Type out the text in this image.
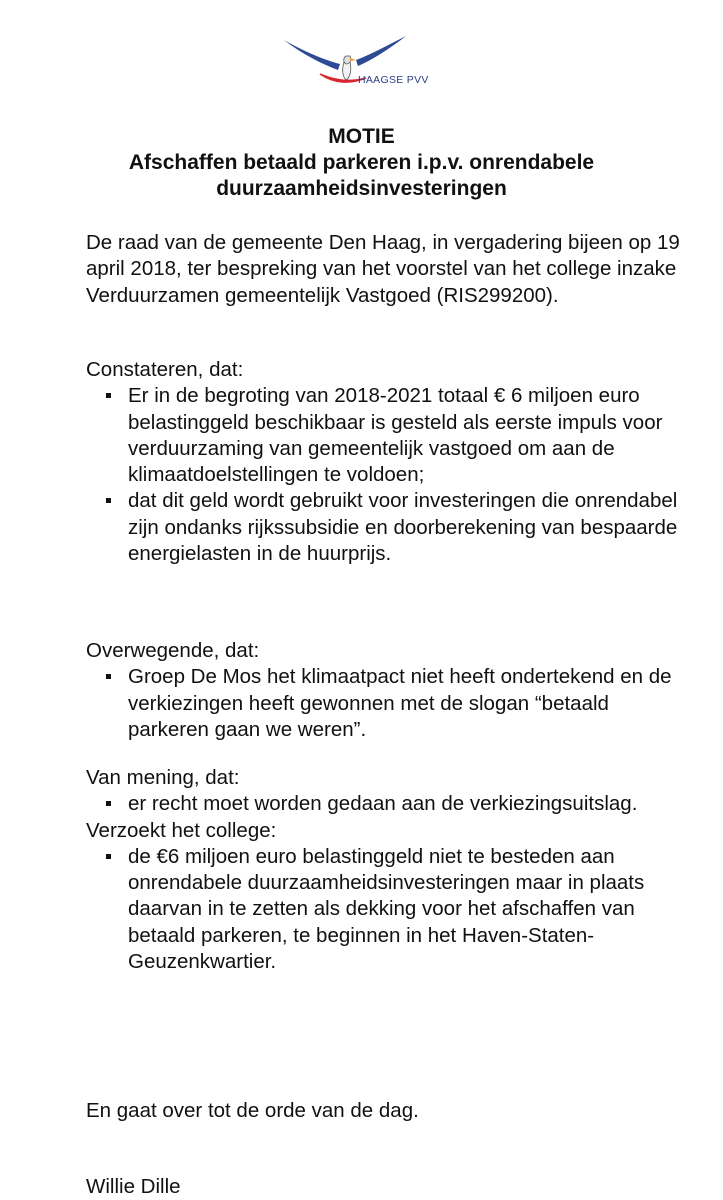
HAAGSE PVV
MOTIE
Afschaffen betaald parkeren i.p.v. onrendabele
duurzaamheidsinvesteringen
De raad van de gemeente Den Haag, in vergadering bijeen op 19 april 2018, ter bespreking van het voorstel van het college inzake Verduurzamen gemeentelijk Vastgoed (RIS299200).

Constateren, dat:

Er in de begroting van 2018-2021 totaal € 6 miljoen euro belastinggeld beschikbaar is gesteld als eerste impuls voor verduurzaming van gemeentelijk vastgoed om aan de klimaatdoelstellingen te voldoen;
dat dit geld wordt gebruikt voor investeringen die onrendabel zijn ondanks rijkssubsidie en doorberekening van bespaarde energielasten in de huurprijs.

Overwegende, dat:

Groep De Mos het klimaatpact niet heeft ondertekend en de verkiezingen heeft gewonnen met de slogan “betaald parkeren gaan we weren”.

Van mening, dat:

er recht moet worden gedaan aan de verkiezingsuitslag.

Verzoekt het college:

de €6 miljoen euro belastinggeld niet te besteden aan onrendabele duurzaamheidsinvesteringen maar in plaats daarvan in te zetten als dekking voor het afschaffen van betaald parkeren, te beginnen in het Haven-Staten-Geuzenkwartier.
En gaat over tot de orde van de dag.
Willie Dille
